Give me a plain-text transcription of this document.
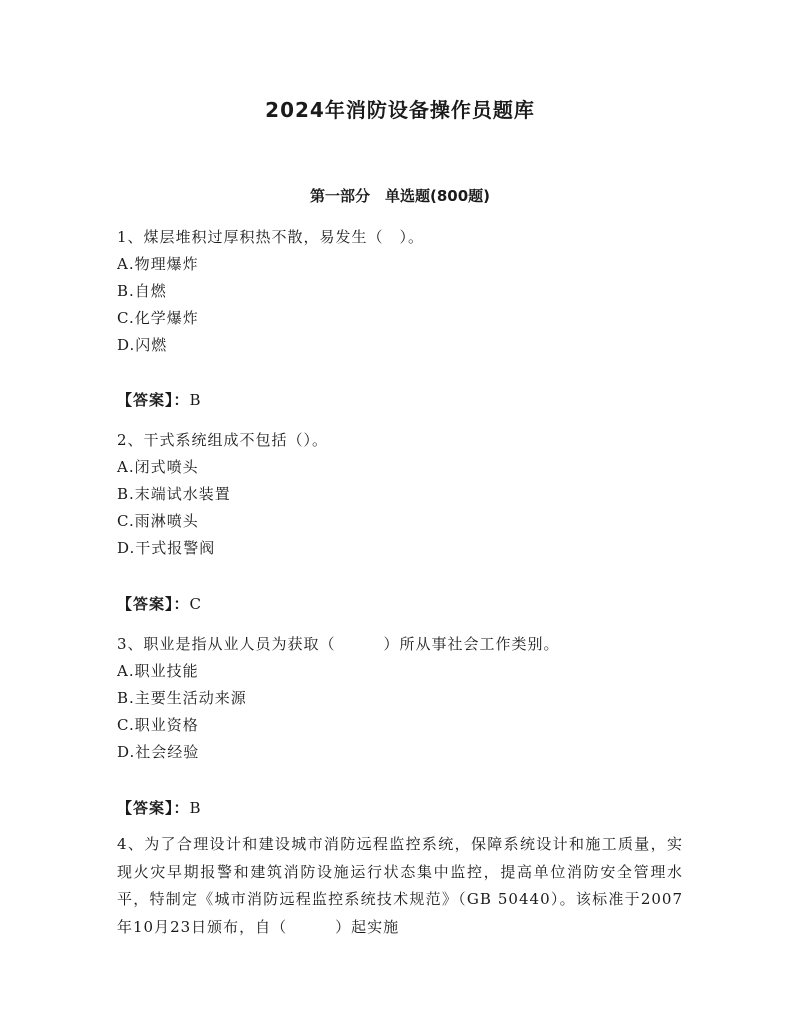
2024年消防设备操作员题库
第一部分　单选题(800题)
1、煤层堆积过厚积热不散，易发生（　）。
A.物理爆炸
B.自燃
C.化学爆炸
D.闪燃
【答案】：B
2、干式系统组成不包括（）。
A.闭式喷头
B.末端试水装置
C.雨淋喷头
D.干式报警阀
【答案】：C
3、职业是指从业人员为获取（　　　）所从事社会工作类别。
A.职业技能
B.主要生活动来源
C.职业资格
D.社会经验
【答案】：B
4、为了合理设计和建设城市消防远程监控系统，保障系统设计和施工质量，实现火灾早期报警和建筑消防设施运行状态集中监控，提高单位消防安全管理水平，特制定《城市消防远程监控系统技术规范》（GB 50440）。该标准于2007年10月23日颁布，自（　　　）起实施
